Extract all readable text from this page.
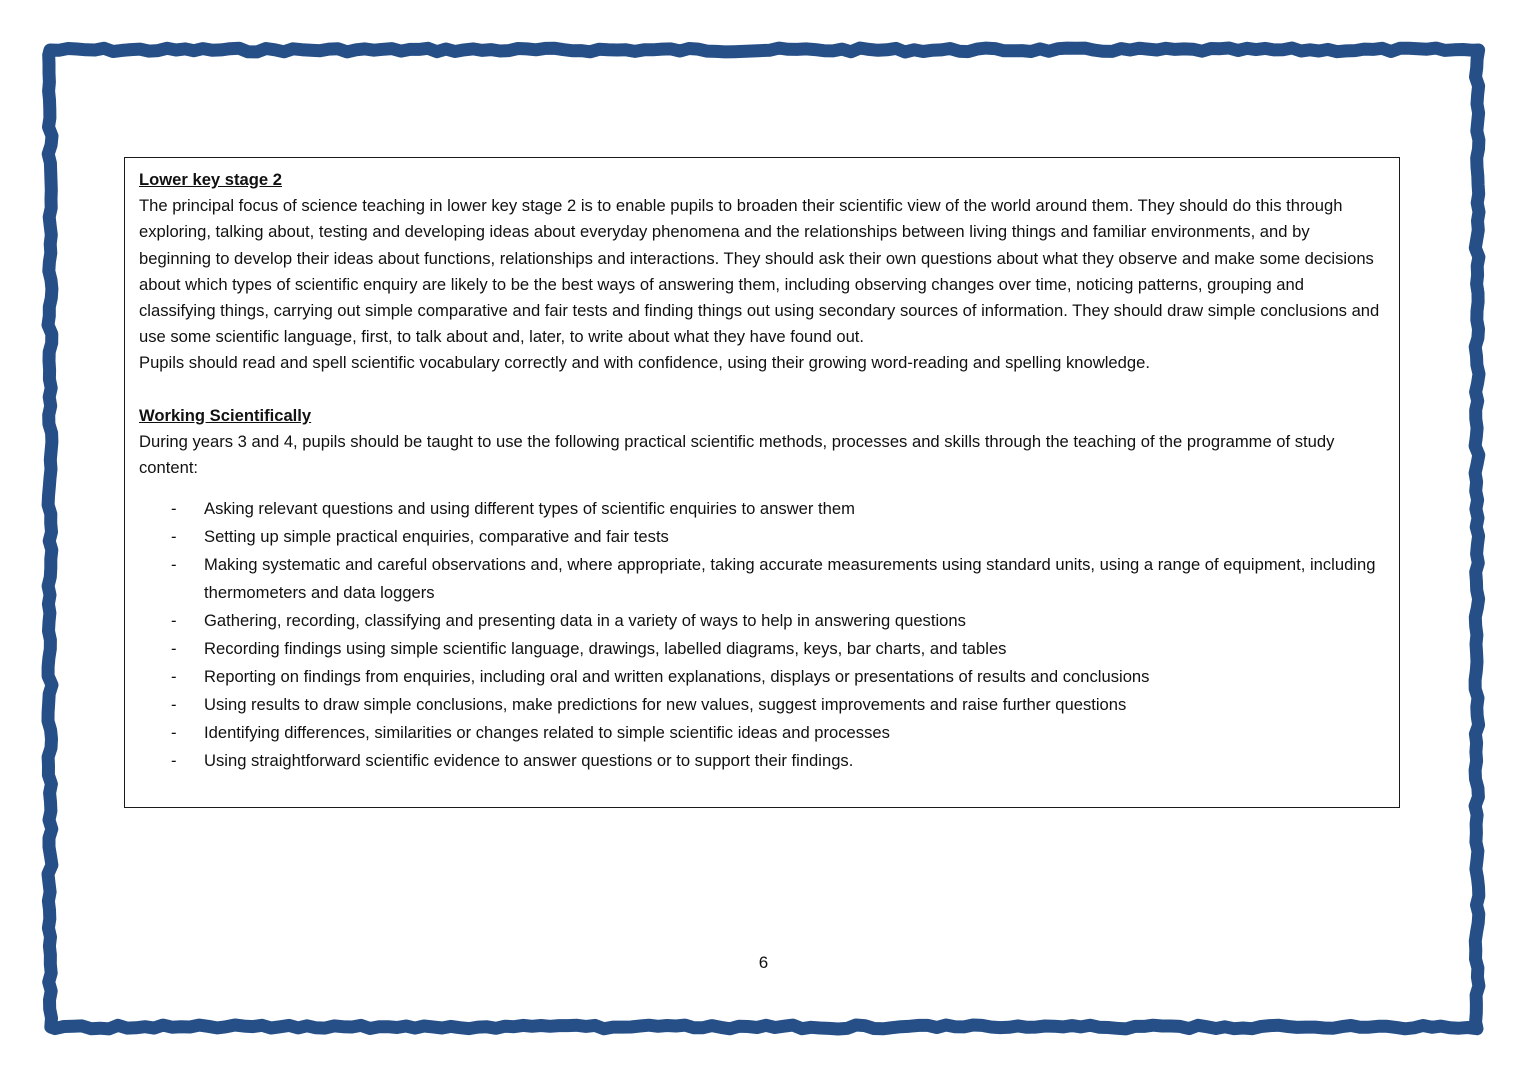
Lower key stage 2

The principal focus of science teaching in lower key stage 2 is to enable pupils to broaden their scientific view of the world around them. They should do this through exploring, talking about, testing and developing ideas about everyday phenomena and the relationships between living things and familiar environments, and by beginning to develop their ideas about functions, relationships and interactions. They should ask their own questions about what they observe and make some decisions about which types of scientific enquiry are likely to be the best ways of answering them, including observing changes over time, noticing patterns, grouping and classifying things, carrying out simple comparative and fair tests and finding things out using secondary sources of information. They should draw simple conclusions and use some scientific language, first, to talk about and, later, to write about what they have found out.

Pupils should read and spell scientific vocabulary correctly and with confidence, using their growing word-reading and spelling knowledge.

Working Scientifically

During years 3 and 4, pupils should be taught to use the following practical scientific methods, processes and skills through the teaching of the programme of study content:

- Asking relevant questions and using different types of scientific enquiries to answer them
- Setting up simple practical enquiries, comparative and fair tests
- Making systematic and careful observations and, where appropriate, taking accurate measurements using standard units, using a range of equipment, including thermometers and data loggers
- Gathering, recording, classifying and presenting data in a variety of ways to help in answering questions
- Recording findings using simple scientific language, drawings, labelled diagrams, keys, bar charts, and tables
- Reporting on findings from enquiries, including oral and written explanations, displays or presentations of results and conclusions
- Using results to draw simple conclusions, make predictions for new values, suggest improvements and raise further questions
- Identifying differences, similarities or changes related to simple scientific ideas and processes
- Using straightforward scientific evidence to answer questions or to support their findings.
6
